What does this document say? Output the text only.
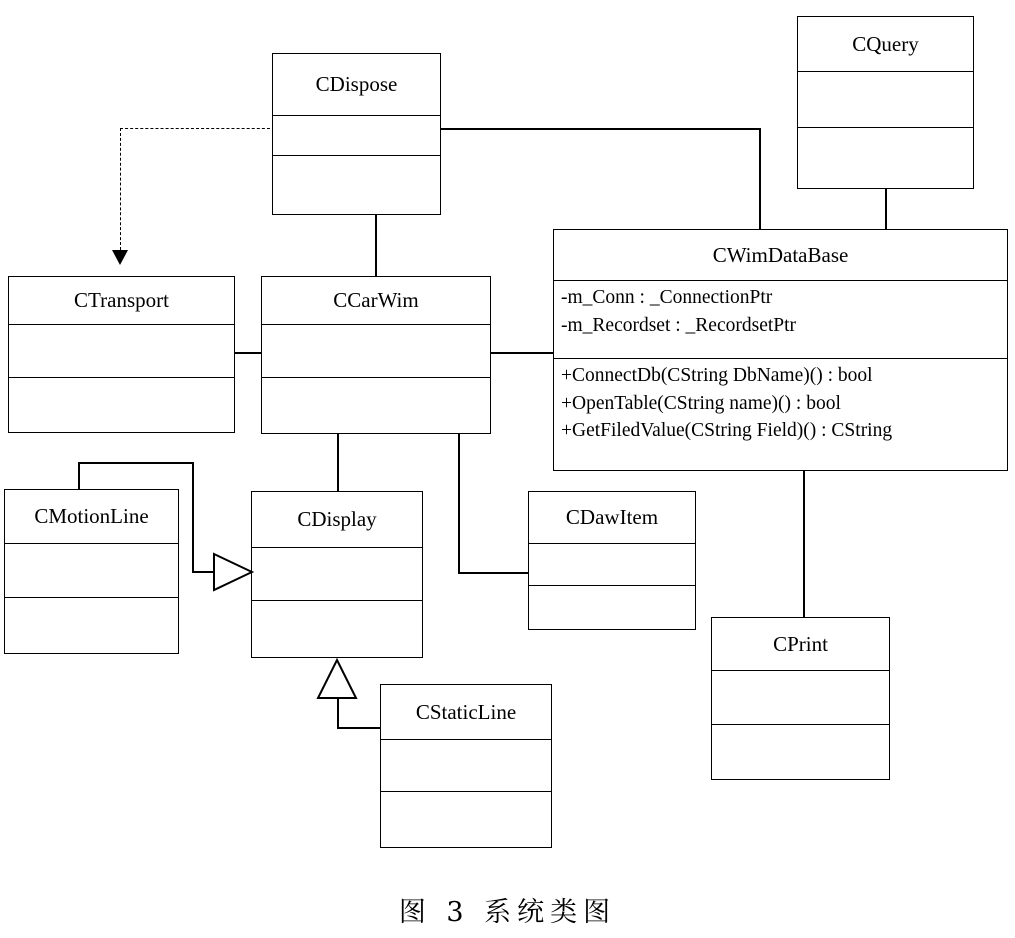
CQuery
CDispose
CWimDataBase
-m_Conn : _ConnectionPtr
-m_Recordset : _RecordsetPtr
+ConnectDb(CString DbName)() : bool
+OpenTable(CString name)() : bool
+GetFiledValue(CString Field)() : CString
CTransport	CCarWim
CMotionLine	CDisplay	CDawItem
CPrint
CStaticLine
图 3 系统类图
